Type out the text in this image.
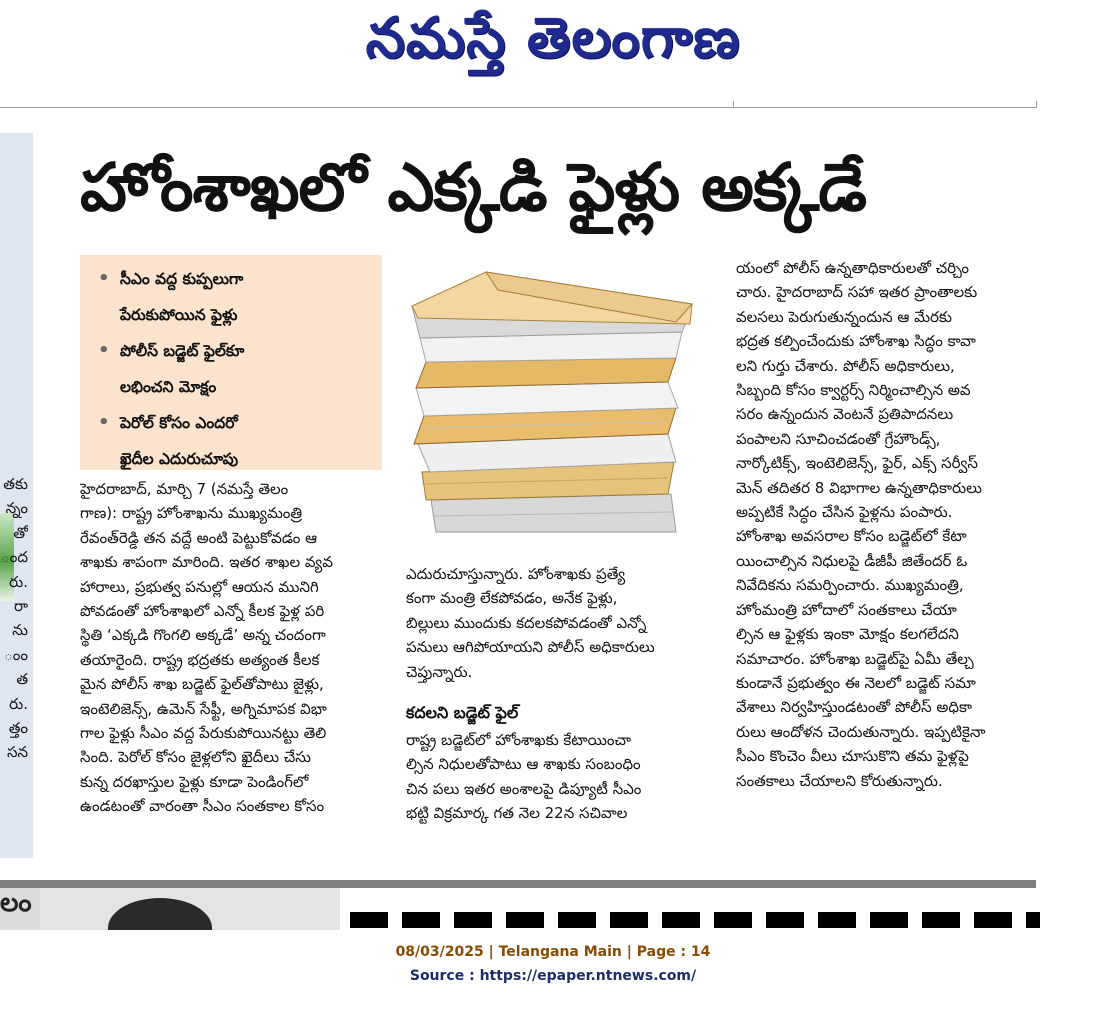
నమస్తే తెలంగాణ
తకు
న్నం
తో
ంద
రు.
రా
ను
ంం
త
రు.
త్తం
సన
హోంశాఖలో ఎక్కడి ఫైళ్లు అక్కడే
• సీఎం వద్ద కుప్పలుగా
పేరుకుపోయిన ఫైళ్లు
• పోలీస్ బడ్జెట్ ఫైల్‌కూ
లభించని మోక్షం
• పెరోల్ కోసం ఎందరో
ఖైదీల ఎదురుచూపు

హైదరాబాద్, మార్చి 7 (నమస్తే తెలం

గాణ): రాష్ట్ర హోంశాఖను ముఖ్యమంత్రి

రేవంత్‌రెడ్డి తన వద్దే అంటి పెట్టుకోవడం ఆ

శాఖకు శాపంగా మారింది. ఇతర శాఖల వ్యవ

హారాలు, ప్రభుత్వ పనుల్లో ఆయన మునిగి

పోవడంతో హోంశాఖలో ఎన్నో కీలక ఫైళ్ల పరి

స్థితి ‘ఎక్కడి గొంగలి అక్కడే’ అన్న చందంగా

తయారైంది. రాష్ట్ర భద్రతకు అత్యంత కీలక

మైన పోలీస్ శాఖ బడ్జెట్ ఫైల్‌తోపాటు జైళ్లు,

ఇంటెలిజెన్స్, ఉమెన్ సేఫ్టీ, అగ్నిమాపక విభా

గాల ఫైళ్లు సీఎం వద్ద పేరుకుపోయినట్టు తెలి

సింది. పెరోల్ కోసం జైళ్లలోని ఖైదీలు చేసు

కున్న దరఖాస్తుల ఫైళ్లు కూడా పెండింగ్‌లో

ఉండటంతో వారంతా సీఎం సంతకాల కోసం

ఎదురుచూస్తున్నారు. హోంశాఖకు ప్రత్యే

కంగా మంత్రి లేకపోవడం, అనేక ఫైళ్లు,

బిల్లులు ముందుకు కదలకపోవడంతో ఎన్నో

పనులు ఆగిపోయాయని పోలీస్ అధికారులు

చెప్తున్నారు.

కదలని బడ్జెట్ ఫైల్

రాష్ట్ర బడ్జెట్‌లో హోంశాఖకు కేటాయించా

ల్సిన నిధులతోపాటు ఆ శాఖకు సంబంధిం

చిన పలు ఇతర అంశాలపై డిప్యూటీ సీఎం

భట్టి విక్రమార్క గత నెల 22న సచివాల

యంలో పోలీస్ ఉన్నతాధికారులతో చర్చిం

చారు. హైదరాబాద్ సహా ఇతర ప్రాంతాలకు

వలసలు పెరుగుతున్నందున ఆ మేరకు

భద్రత కల్పించేందుకు హోంశాఖ సిద్ధం కావా

లని గుర్తు చేశారు. పోలీస్ అధికారులు,

సిబ్బంది కోసం క్వార్టర్స్ నిర్మించాల్సిన అవ

సరం ఉన్నందున వెంటనే ప్రతిపాదనలు

పంపాలని సూచించడంతో గ్రేహౌండ్స్,

నార్కోటిక్స్, ఇంటెలిజెన్స్, ఫైర్, ఎక్స్ సర్వీస్

మెన్ తదితర 8 విభాగాల ఉన్నతాధికారులు

అప్పటికే సిద్ధం చేసిన ఫైళ్లను పంపారు.

హోంశాఖ అవసరాల కోసం బడ్జెట్‌లో కేటా

యించాల్సిన నిధులపై డీజీపీ జితేందర్ ఓ

నివేదికను సమర్పించారు. ముఖ్యమంత్రి,

హోంమంత్రి హోదాలో సంతకాలు చేయా

ల్సిన ఆ ఫైళ్లకు ఇంకా మోక్షం కలగలేదని

సమాచారం. హోంశాఖ బడ్జెట్‌పై ఏమీ తేల్చ

కుండానే ప్రభుత్వం ఈ నెలలో బడ్జెట్ సమా

వేశాలు నిర్వహిస్తుండటంతో పోలీస్ అధికా

రులు ఆందోళన చెందుతున్నారు. ఇప్పటికైనా

సీఎం కొంచెం వీలు చూసుకొని తమ ఫైళ్లపై

సంతకాలు చేయాలని కోరుతున్నారు.

లం
08/03/2025 | Telangana Main | Page : 14
Source : https://epaper.ntnews.com/
